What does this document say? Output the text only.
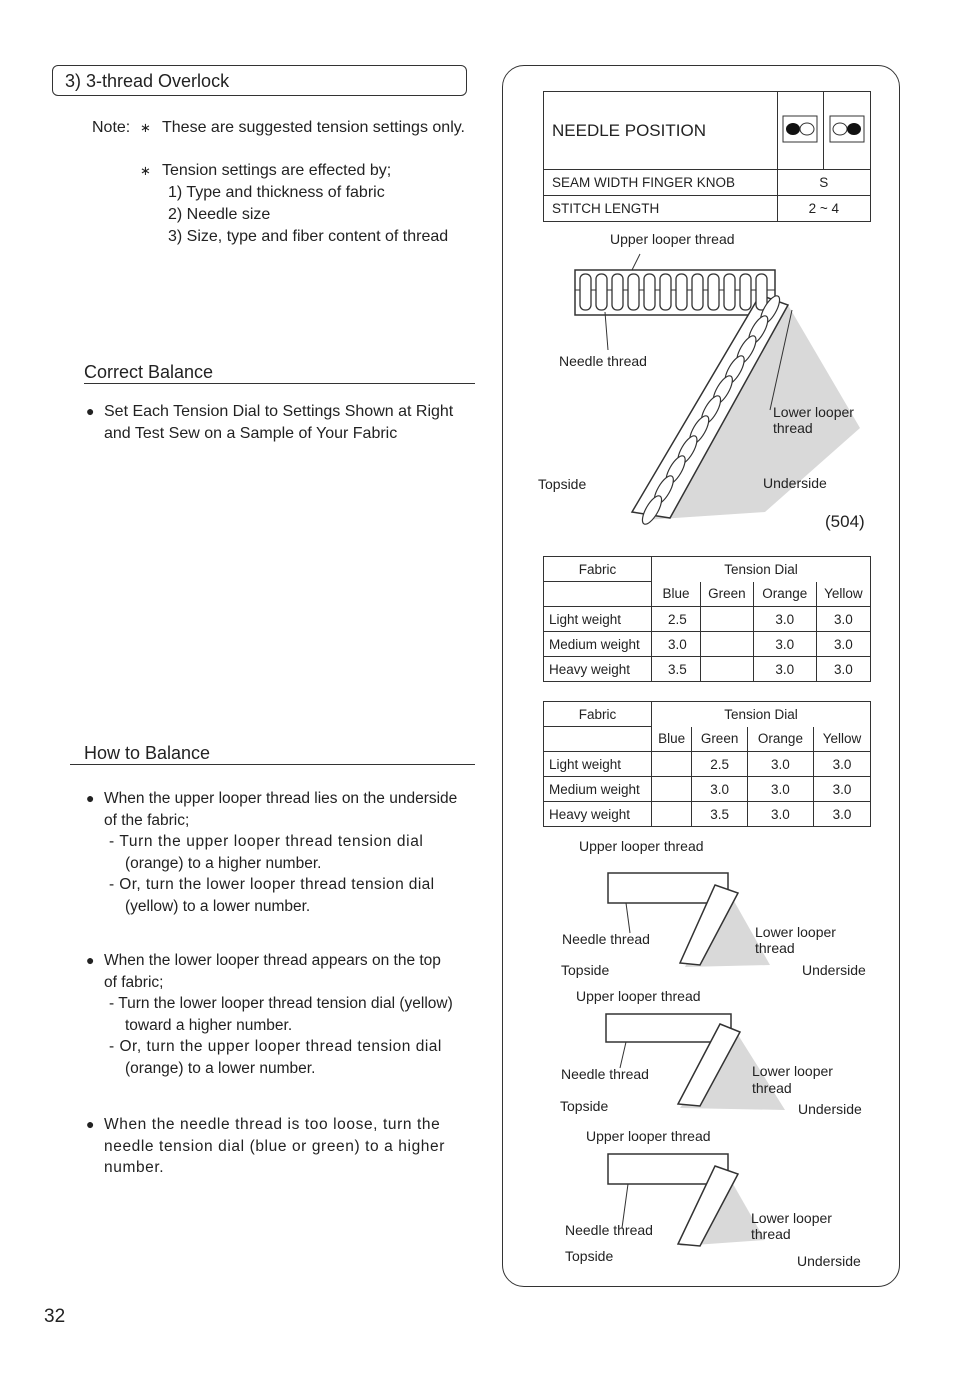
3) 3-thread Overlock
Note: ∗ These are suggested tension settings only.
∗ Tension settings are effected by;
1) Type and thickness of fabric
2) Needle size
3) Size, type and fiber content of thread
Correct Balance
● Set Each Tension Dial to Settings Shown at Right
and Test Sew on a Sample of Your Fabric
How to Balance
● When the upper looper thread lies on the underside
of the fabric;
- Turn the upper looper thread tension dial
(orange) to a higher number.
- Or, turn the lower looper thread tension dial
(yellow) to a lower number.
● When the lower looper thread appears on the top
of fabric;
- Turn the lower looper thread tension dial (yellow)
toward a higher number.
- Or, turn the upper looper thread tension dial
(orange) to a lower number.
● When the needle thread is too loose, turn the
needle tension dial (blue or green) to a higher
number.
NEEDLE POSITION		
SEAM WIDTH FINGER KNOB	S	
STITCH LENGTH	2 ~ 4	
Upper looper thread
Needle thread
Lower looper
thread
Topside	Underside
(504)
Fabric	Tension Dial			
	Blue	Green	Orange	Yellow
Light weight	2.5		3.0	3.0
Medium weight	3.0		3.0	3.0
Heavy weight	3.5		3.0	3.0
Fabric	Tension Dial			
	Blue	Green	Orange	Yellow
Light weight		2.5	3.0	3.0
Medium weight		3.0	3.0	3.0
Heavy weight		3.5	3.0	3.0
Upper looper thread
Needle thread	Lower looper
thread
Topside	Underside
Upper looper thread
Needle thread	Lower looper
thread
Topside	Underside
Upper looper thread
Needle thread
Lower looper
thread
Topside	Underside
32
